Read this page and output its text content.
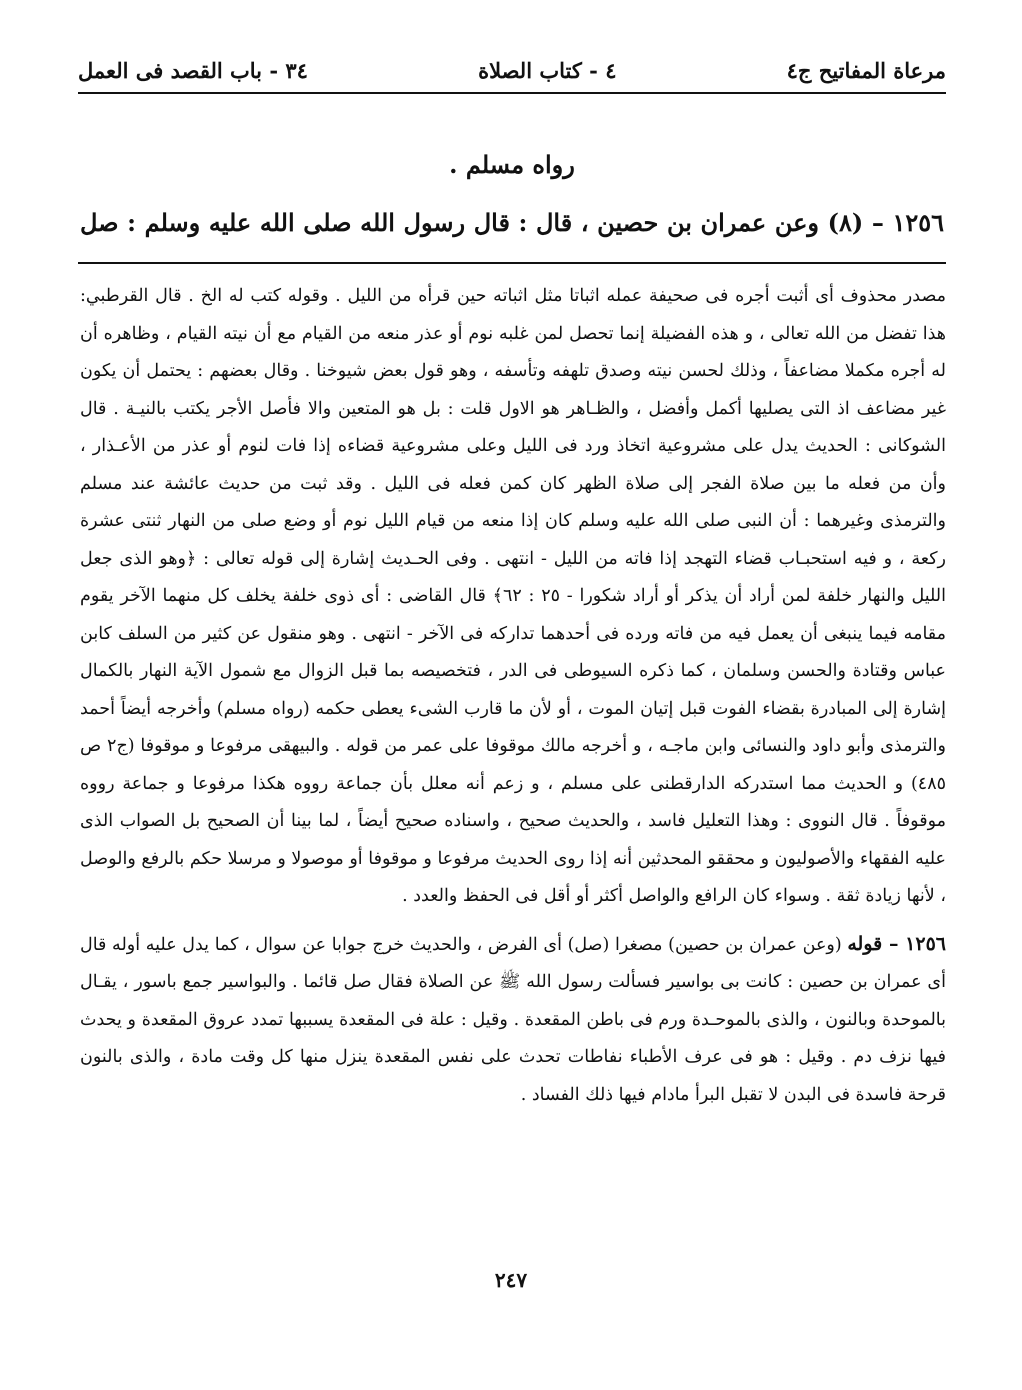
مرعاة المفاتيح ج٤
٤ - كتاب الصلاة
٣٤ - باب القصد فى العمل
رواه مسلم .
١٢٥٦ – (٨) وعن عمران بن حصين ، قال : قال رسول الله صلى الله عليه وسلم : صل

مصدر محذوف أى أثبت أجره فى صحيفة عمله اثباتا مثل اثباته حين قرأه من الليل . وقوله كتب له الخ . قال القرطبي: هذا تفضل من الله تعالى ، و هذه الفضيلة إنما تحصل لمن غلبه نوم أو عذر منعه من القيام مع أن نيته القيام ، وظاهره أن له أجره مكملا مضاعفاً ، وذلك لحسن نيته وصدق تلهفه وتأسفه ، وهو قول بعض شيوخنا . وقال بعضهم : يحتمل أن يكون غير مضاعف اذ التى يصليها أكمل وأفضل ، والظـاهر هو الاول قلت : بل هو المتعين والا فأصل الأجر يكتب بالنيـة . قال الشوكانى : الحديث يدل على مشروعية اتخاذ ورد فى الليل وعلى مشروعية قضاءه إذا فات لنوم أو عذر من الأعـذار ، وأن من فعله ما بين صلاة الفجر إلى صلاة الظهر كان كمن فعله فى الليل . وقد ثبت من حديث عائشة عند مسلم والترمذى وغيرهما : أن النبى صلى الله عليه وسلم كان إذا منعه من قيام الليل نوم أو وضع صلى من النهار ثنتى عشرة ركعة ، و فيه استحبـاب قضاء التهجد إذا فاته من الليل - انتهى . وفى الحـديث إشارة إلى قوله تعالى : ﴿وهو الذى جعل الليل والنهار خلفة لمن أراد أن يذكر أو أراد شكورا - ٢٥ : ٦٢﴾ قال القاضى : أى ذوى خلفة يخلف كل منهما الآخر يقوم مقامه فيما ينبغى أن يعمل فيه من فاته ورده فى أحدهما تداركه فى الآخر - انتهى . وهو منقول عن كثير من السلف كابن عباس وقتادة والحسن وسلمان ، كما ذكره السيوطى فى الدر ، فتخصيصه بما قبل الزوال مع شمول الآية النهار بالكمال إشارة إلى المبادرة بقضاء الفوت قبل إتيان الموت ، أو لأن ما قارب الشىء يعطى حكمه (رواه مسلم) وأخرجه أيضاً أحمد والترمذى وأبو داود والنسائى وابن ماجـه ، و أخرجه مالك موقوفا على عمر من قوله . والبيهقى مرفوعا و موقوفا (ج٢ ص ٤٨٥) و الحديث مما استدركه الدارقطنى على مسلم ، و زعم أنه معلل بأن جماعة رووه هكذا مرفوعا و جماعة رووه موقوفاً . قال النووى : وهذا التعليل فاسد ، والحديث صحيح ، واسناده صحيح أيضاً ، لما بينا أن الصحيح بل الصواب الذى عليه الفقهاء والأصوليون و محققو المحدثين أنه إذا روى الحديث مرفوعا و موقوفا أو موصولا و مرسلا حكم بالرفع والوصل ، لأنها زيادة ثقة . وسواء كان الرافع والواصل أكثر أو أقل فى الحفظ والعدد .

١٢٥٦ – قوله (وعن عمران بن حصين) مصغرا (صل) أى الفرض ، والحديث خرج جوابا عن سوال ، كما يدل عليه أوله قال أى عمران بن حصين : كانت بى بواسير فسألت رسول الله ﷺ عن الصلاة فقال صل قائما . والبواسير جمع باسور ، يقـال بالموحدة وبالنون ، والذى بالموحـدة ورم فى باطن المقعدة . وقيل : علة فى المقعدة يسببها تمدد عروق المقعدة و يحدث فيها نزف دم . وقيل : هو فى عرف الأطباء نفاطات تحدث على نفس المقعدة ينزل منها كل وقت مادة ، والذى بالنون قرحة فاسدة فى البدن لا تقبل البرأ مادام فيها ذلك الفساد .

٢٤٧
